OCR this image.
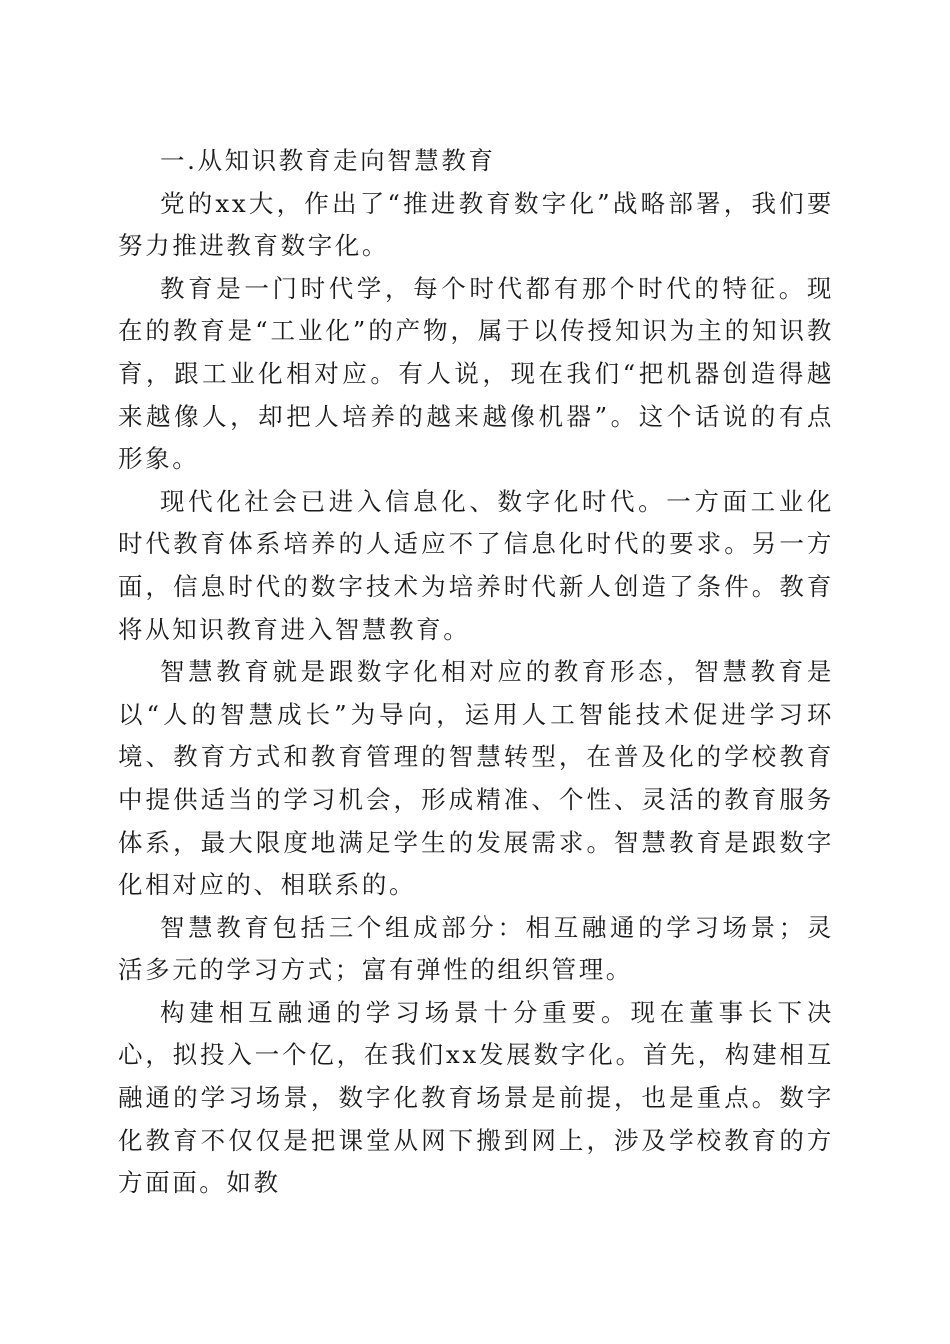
一.从知识教育走向智慧教育

党的xx大，作出了“推进教育数字化”战略部署，我们要努力推进教育数字化。

教育是一门时代学，每个时代都有那个时代的特征。现在的教育是“工业化”的产物，属于以传授知识为主的知识教育，跟工业化相对应。有人说，现在我们“把机器创造得越来越像人，却把人培养的越来越像机器”。这个话说的有点形象。

现代化社会已进入信息化、数字化时代。一方面工业化时代教育体系培养的人适应不了信息化时代的要求。另一方面，信息时代的数字技术为培养时代新人创造了条件。教育将从知识教育进入智慧教育。

智慧教育就是跟数字化相对应的教育形态，智慧教育是以“人的智慧成长”为导向，运用人工智能技术促进学习环境、教育方式和教育管理的智慧转型，在普及化的学校教育中提供适当的学习机会，形成精准、个性、灵活的教育服务体系，最大限度地满足学生的发展需求。智慧教育是跟数字化相对应的、相联系的。

智慧教育包括三个组成部分：相互融通的学习场景；灵活多元的学习方式；富有弹性的组织管理。

构建相互融通的学习场景十分重要。现在董事长下决心，拟投入一个亿，在我们xx发展数字化。首先，构建相互融通的学习场景，数字化教育场景是前提，也是重点。数字化教育不仅仅是把课堂从网下搬到网上，涉及学校教育的方方面面。如教
